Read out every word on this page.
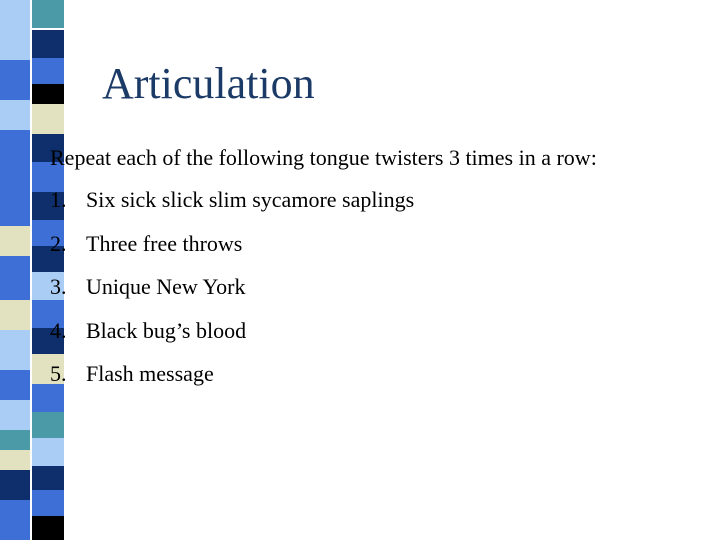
Articulation
Repeat each of the following tongue twisters 3 times in a row:
1. Six sick slick slim sycamore saplings
2. Three free throws
3. Unique New York
4. Black bug’s blood
5. Flash message
